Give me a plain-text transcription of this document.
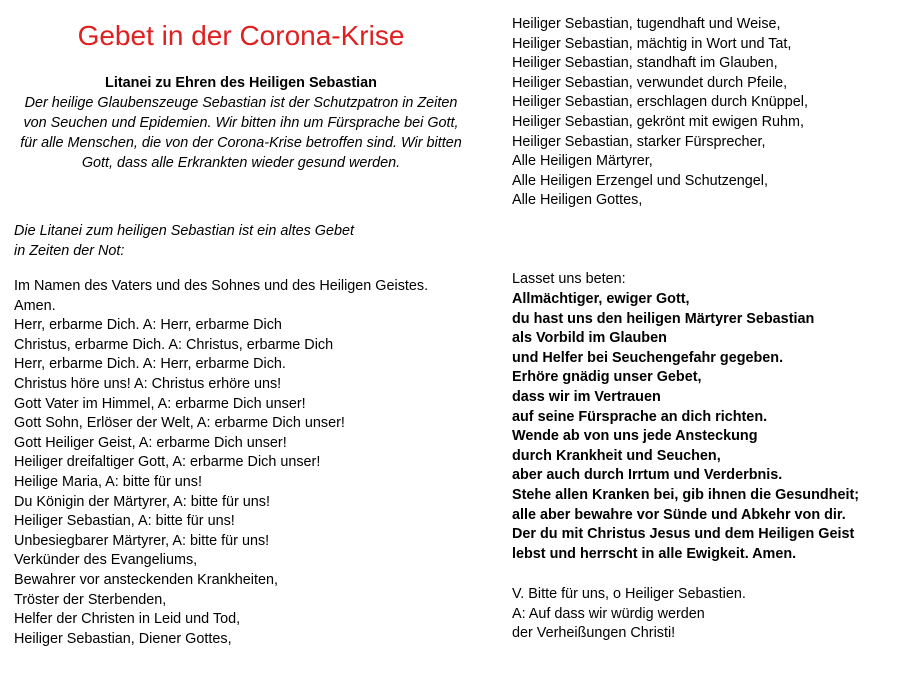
Gebet in der Corona-Krise
Litanei zu Ehren des Heiligen Sebastian
Der heilige Glaubenszeuge Sebastian ist der Schutzpatron in Zeiten
von Seuchen und Epidemien. Wir bitten ihn um Fürsprache bei Gott,
für alle Menschen, die von der Corona-Krise betroffen sind. Wir bitten
Gott, dass alle Erkrankten wieder gesund werden.
Die Litanei zum heiligen Sebastian ist ein altes Gebet
in Zeiten der Not:
Im Namen des Vaters und des Sohnes und des Heiligen Geistes.
Amen.
Herr, erbarme Dich. A: Herr, erbarme Dich
Christus, erbarme Dich. A: Christus, erbarme Dich
Herr, erbarme Dich. A: Herr, erbarme Dich.
Christus höre uns! A: Christus erhöre uns!
Gott Vater im Himmel, A: erbarme Dich unser!
Gott Sohn, Erlöser der Welt, A: erbarme Dich unser!
Gott Heiliger Geist, A: erbarme Dich unser!
Heiliger dreifaltiger Gott, A: erbarme Dich unser!
Heilige Maria, A: bitte für uns!
Du Königin der Märtyrer, A: bitte für uns!
Heiliger Sebastian, A: bitte für uns!
Unbesiegbarer Märtyrer, A: bitte für uns!
Verkünder des Evangeliums,
Bewahrer vor ansteckenden Krankheiten,
Tröster der Sterbenden,
Helfer der Christen in Leid und Tod,
Heiliger Sebastian, Diener Gottes,
Heiliger Sebastian, tugendhaft und Weise,
Heiliger Sebastian, mächtig in Wort und Tat,
Heiliger Sebastian, standhaft im Glauben,
Heiliger Sebastian, verwundet durch Pfeile,
Heiliger Sebastian, erschlagen durch Knüppel,
Heiliger Sebastian, gekrönt mit ewigen Ruhm,
Heiliger Sebastian, starker Fürsprecher,
Alle Heiligen Märtyrer,
Alle Heiligen Erzengel und Schutzengel,
Alle Heiligen Gottes,
Lasset uns beten:
Allmächtiger, ewiger Gott,
du hast uns den heiligen Märtyrer Sebastian
als Vorbild im Glauben
und Helfer bei Seuchengefahr gegeben.
Erhöre gnädig unser Gebet,
dass wir im Vertrauen
auf seine Fürsprache an dich richten.
Wende ab von uns jede Ansteckung
durch Krankheit und Seuchen,
aber auch durch Irrtum und Verderbnis.
Stehe allen Kranken bei, gib ihnen die Gesundheit;
alle aber bewahre vor Sünde und Abkehr von dir.
Der du mit Christus Jesus und dem Heiligen Geist
lebst und herrscht in alle Ewigkeit. Amen.
V. Bitte für uns, o Heiliger Sebastien.
A: Auf dass wir würdig werden
der Verheißungen Christi!
